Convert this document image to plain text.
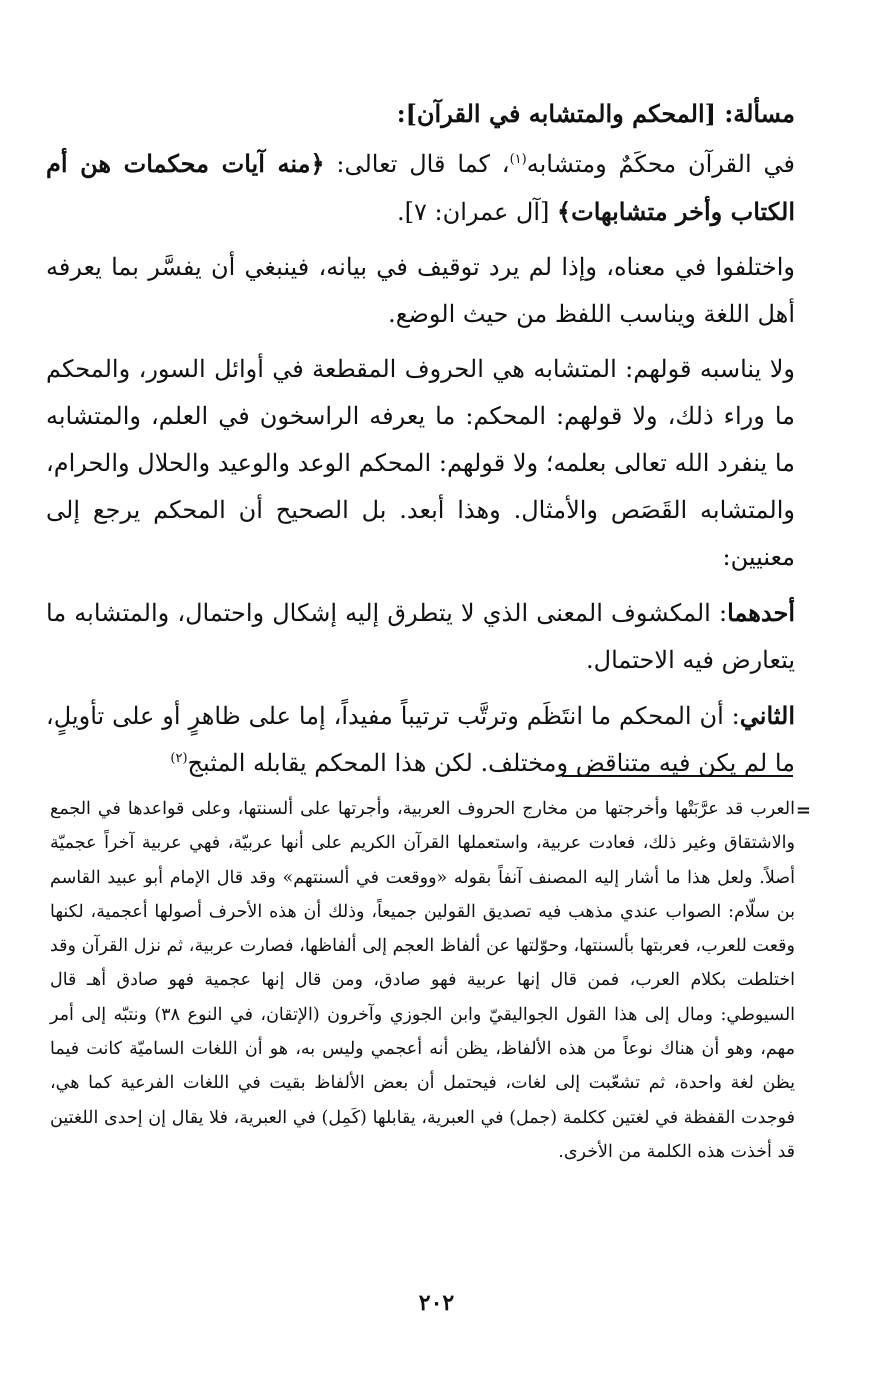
مسألة: [المحكم والمتشابه في القرآن]:

في القرآن محكَمٌ ومتشابه$^{(١)}$، كما قال تعالى: ﴿منه آيات محكمات هن أم الكتاب وأخر متشابهات﴾ [آل عمران: ٧].

واختلفوا في معناه، وإذا لم يرد توقيف في بيانه، فينبغي أن يفسَّر بما يعرفه أهل اللغة ويناسب اللفظ من حيث الوضع.

ولا يناسبه قولهم: المتشابه هي الحروف المقطعة في أوائل السور، والمحكم ما وراء ذلك، ولا قولهم: المحكم: ما يعرفه الراسخون في العلم، والمتشابه ما ينفرد الله تعالى بعلمه؛ ولا قولهم: المحكم الوعد والوعيد والحلال والحرام، والمتشابه القَصَص والأمثال. وهذا أبعد. بل الصحيح أن المحكم يرجع إلى معنيين:

أحدهما: المكشوف المعنى الذي لا يتطرق إليه إشكال واحتمال، والمتشابه ما يتعارض فيه الاحتمال.

الثاني: أن المحكم ما انتَظَم وترتَّب ترتيباً مفيداً، إما على ظاهرٍ أو على تأويلٍ، ما لم يكن فيه متناقض ومختلف. لكن هذا المحكم يقابله المثبج$^{(٢)}$

=
العرب قد عرَّبَتْها وأخرجتها من مخارج الحروف العربية، وأجرتها على ألسنتها، وعلى قواعدها في الجمع والاشتقاق وغير ذلك، فعادت عربية، واستعملها القرآن الكريم على أنها عربيّة، فهي عربية آخراً عجميّة أصلاً. ولعل هذا ما أشار إليه المصنف آنفاً بقوله «ووقعت في ألسنتهم» وقد قال الإمام أبو عبيد القاسم بن سلّام: الصواب عندي مذهب فيه تصديق القولين جميعاً، وذلك أن هذه الأحرف أصولها أعجمية، لكنها وقعت للعرب، فعربتها بألسنتها، وحوّلتها عن ألفاظ العجم إلى ألفاظها، فصارت عربية، ثم نزل القرآن وقد اختلطت بكلام العرب، فمن قال إنها عربية فهو صادق، ومن قال إنها عجمية فهو صادق أهـ قال السيوطي: ومال إلى هذا القول الجواليقيّ وابن الجوزي وآخرون (الإتقان، في النوع ٣٨) ونتبّه إلى أمر مهم، وهو أن هناك نوعاً من هذه الألفاظ، يظن أنه أعجمي وليس به، هو أن اللغات الساميّة كانت فيما يظن لغة واحدة، ثم تشعّبت إلى لغات، فيحتمل أن بعض الألفاظ بقيت في اللغات الفرعية كما هي، فوجدت القفظة في لغتين ككلمة (جمل) في العبرية، يقابلها (كَمِل) في العبرية، فلا يقال إن إحدى اللغتين قد أخذت هذه الكلمة من الأخرى.
٢٠٢
